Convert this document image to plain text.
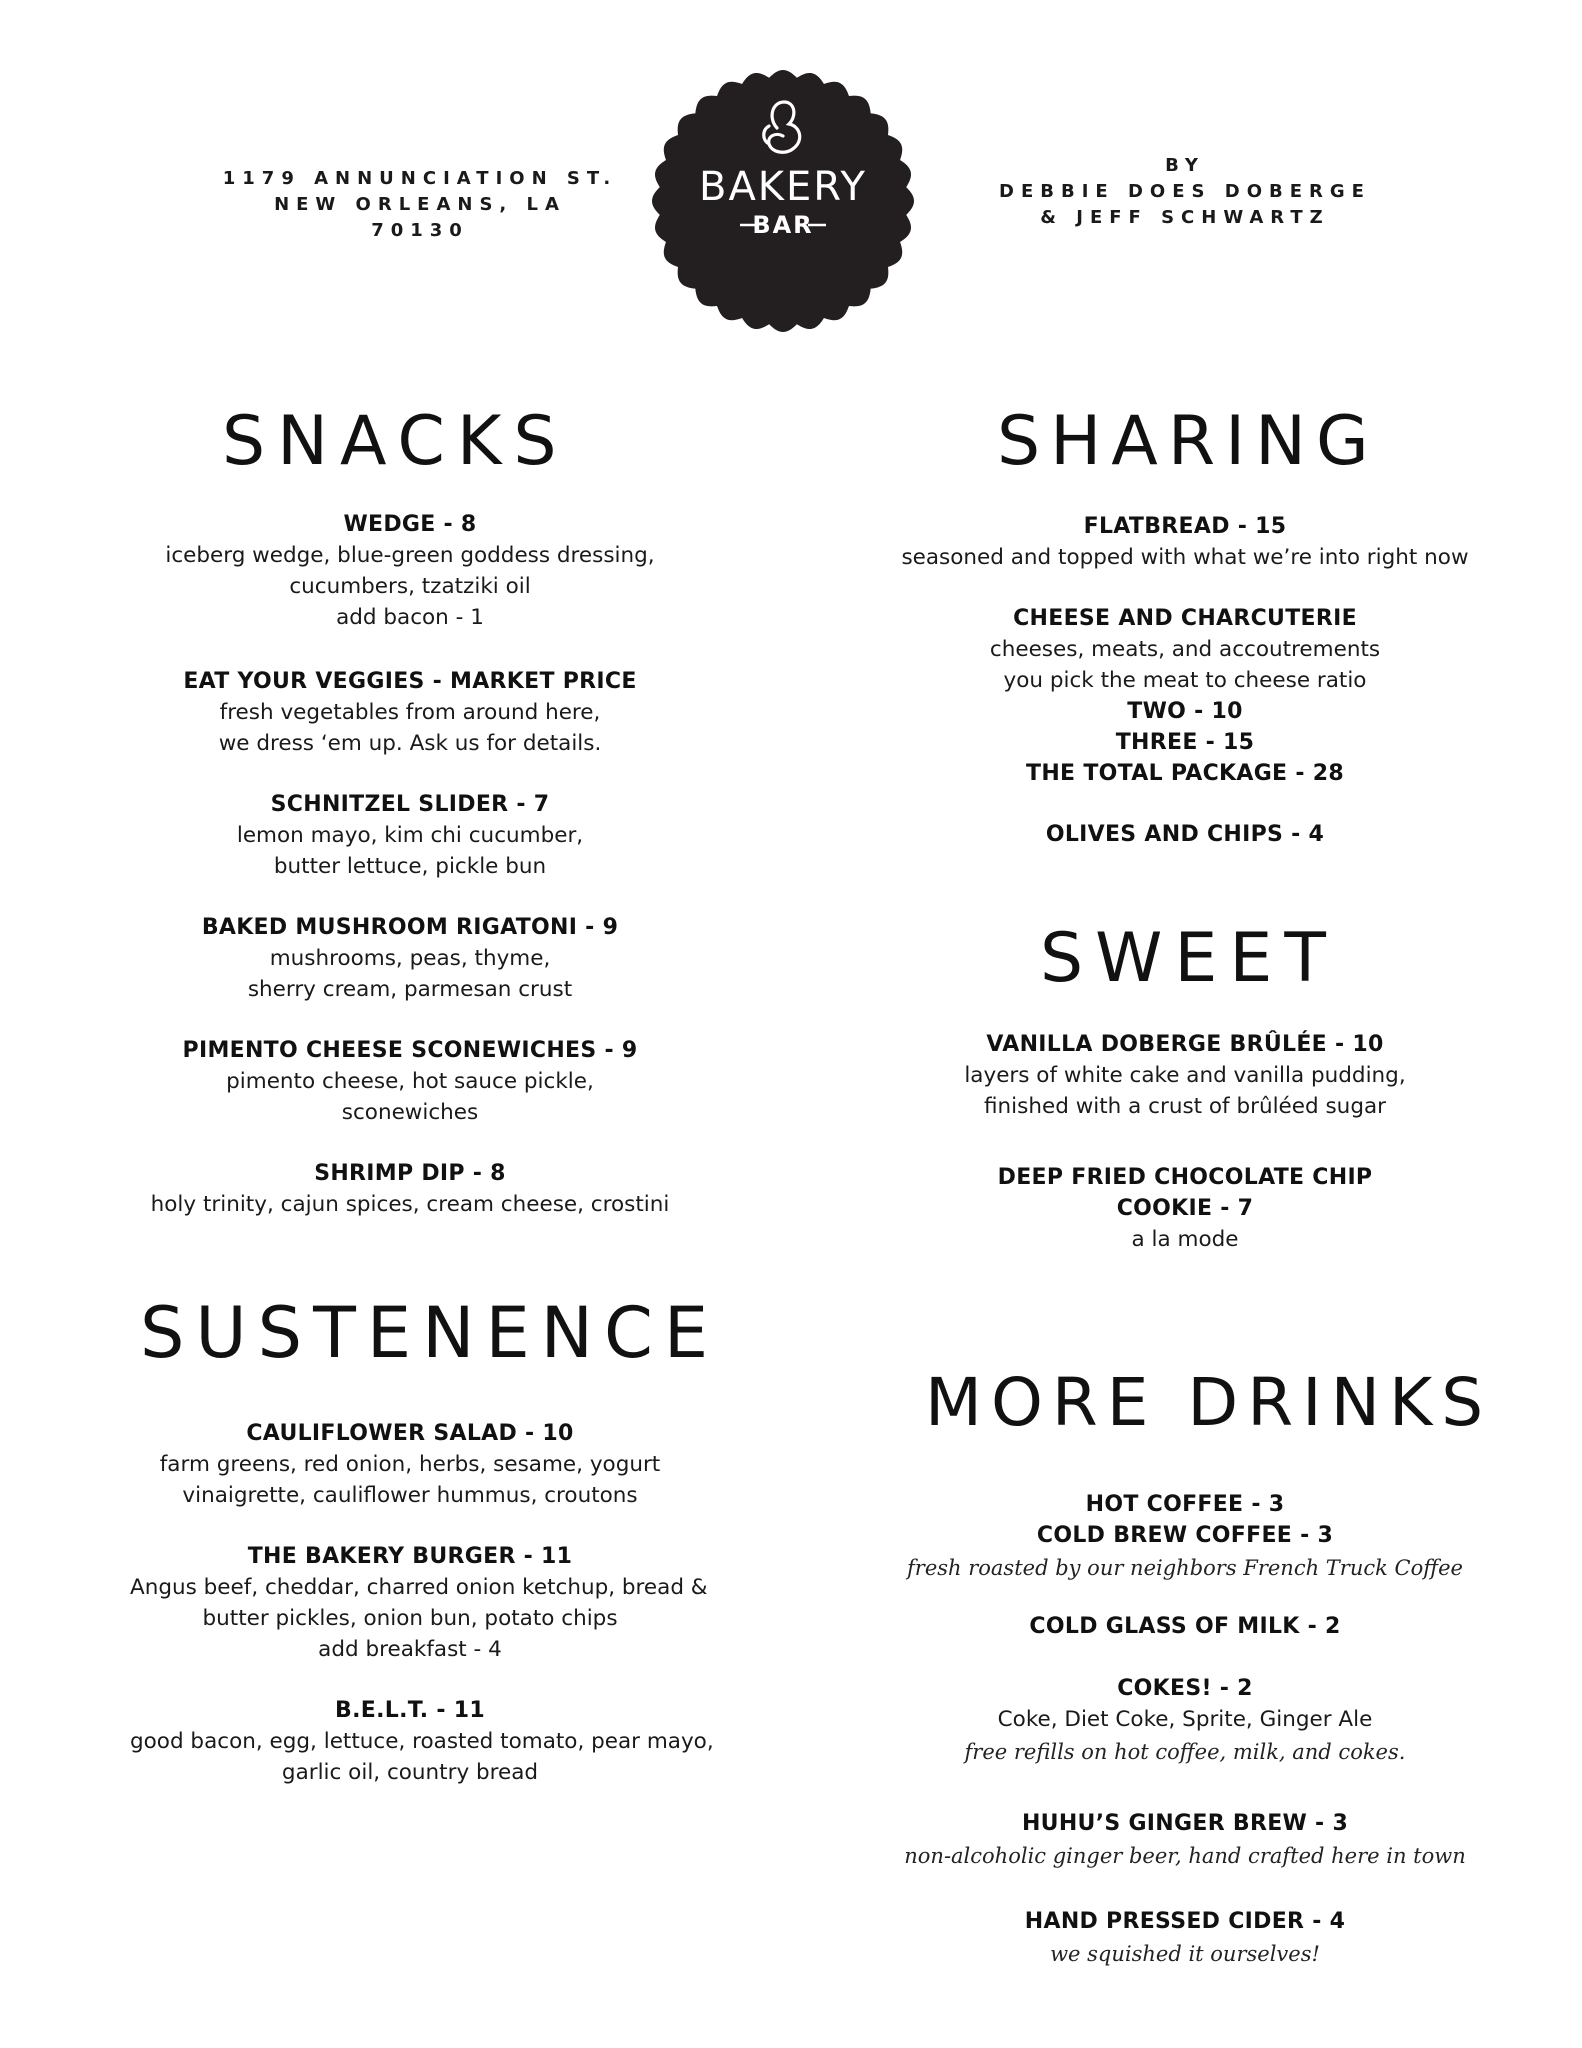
1179 ANNUNCIATION ST.
NEW ORLEANS, LA
70130
BAKERY
BAR
BY
DEBBIE DOES DOBERGE
& JEFF SCHWARTZ
SNACKS
WEDGE - 8
iceberg wedge, blue-green goddess dressing,
cucumbers, tzatziki oil
add bacon - 1
EAT YOUR VEGGIES - MARKET PRICE
fresh vegetables from around here,
we dress ‘em up. Ask us for details.
SCHNITZEL SLIDER - 7
lemon mayo, kim chi cucumber,
butter lettuce, pickle bun
BAKED MUSHROOM RIGATONI - 9
mushrooms, peas, thyme,
sherry cream, parmesan crust
PIMENTO CHEESE SCONEWICHES - 9
pimento cheese, hot sauce pickle,
sconewiches
SHRIMP DIP - 8
holy trinity, cajun spices, cream cheese, crostini
SUSTENENCE
CAULIFLOWER SALAD - 10
farm greens, red onion, herbs, sesame, yogurt
vinaigrette, cauliflower hummus, croutons
THE BAKERY BURGER - 11
Angus beef, cheddar, charred onion ketchup, bread &
butter pickles, onion bun, potato chips
add breakfast - 4
B.E.L.T. - 11
good bacon, egg, lettuce, roasted tomato, pear mayo,
garlic oil, country bread
SHARING
FLATBREAD - 15
seasoned and topped with what we’re into right now
CHEESE AND CHARCUTERIE
cheeses, meats, and accoutrements
you pick the meat to cheese ratio
TWO - 10
THREE - 15
THE TOTAL PACKAGE - 28
OLIVES AND CHIPS - 4
SWEET
VANILLA DOBERGE BRÛLÉE - 10
layers of white cake and vanilla pudding,
finished with a crust of brûléed sugar
DEEP FRIED CHOCOLATE CHIP
COOKIE - 7
a la mode
MORE DRINKS
HOT COFFEE - 3
COLD BREW COFFEE - 3
fresh roasted by our neighbors French Truck Coffee
COLD GLASS OF MILK - 2
COKES! - 2
Coke, Diet Coke, Sprite, Ginger Ale
free refills on hot coffee, milk, and cokes.
HUHU’S GINGER BREW - 3
non-alcoholic ginger beer, hand crafted here in town
HAND PRESSED CIDER - 4
we squished it ourselves!
